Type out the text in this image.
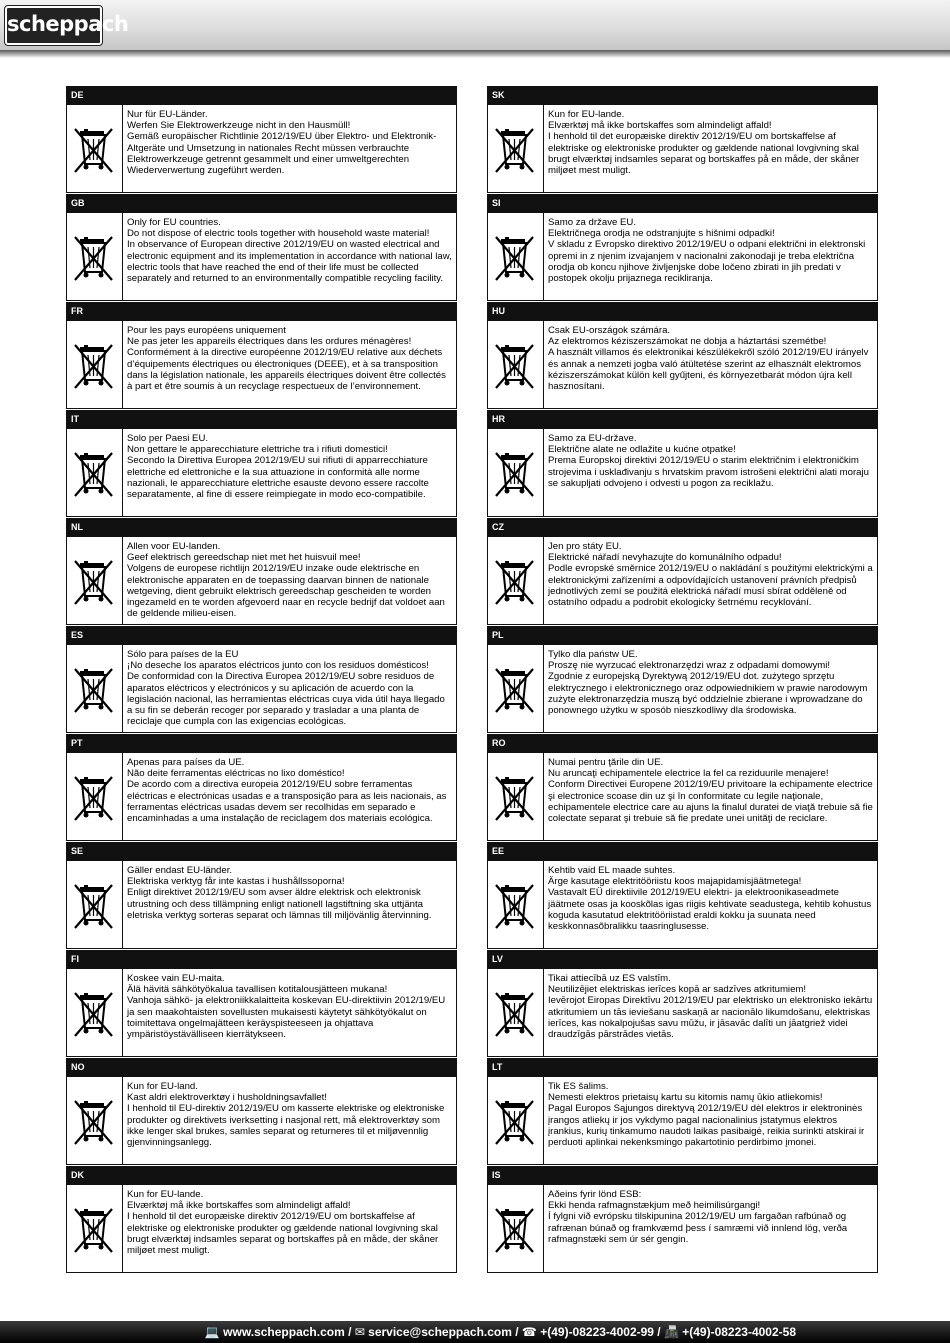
scheppach
DE
Nur für EU-Länder.
Werfen Sie Elektrowerkzeuge nicht in den Hausmüll!
Gemäß europäischer Richtlinie 2012/19/EU über Elektro- und Elektronik-Altgeräte und Umsetzung in nationales Recht müssen verbrauchte Elektrowerkzeuge getrennt gesammelt und einer umweltgerechten Wiederverwertung zugeführt werden.
GB
Only for EU countries.
Do not dispose of electric tools together with household waste material!
In observance of European directive 2012/19/EU on wasted electrical and electronic equipment and its implementation in accordance with national law, electric tools that have reached the end of their life must be collected separately and returned to an environmentally compatible recycling facility.
FR
Pour les pays européens uniquement
Ne pas jeter les appareils électriques dans les ordures ménagères!
Conformément à la directive européenne 2012/19/EU relative aux déchets d’équipements électriques ou électroniques (DEEE), et à sa transposition dans la législation nationale, les appareils électriques doivent être collectés à part et être soumis à un recyclage respectueux de l’environnement.
IT
Solo per Paesi EU.
Non gettare le apparecchiature elettriche tra i rifiuti domestici!
Secondo la Direttiva Europea 2012/19/EU sui rifiuti di apparrecchiature elettriche ed elettroniche e la sua attuazione in conformità alle norme nazionali, le apparecchiature elettriche esauste devono essere raccolte separatamente, al fine di essere reimpiegate in modo eco-compatibile.
NL
Allen voor EU-landen.
Geef elektrisch gereedschap niet met het huisvuil mee!
Volgens de europese richtlijn 2012/19/EU inzake oude elektrische en elektronische apparaten en de toepassing daarvan binnen de nationale wetgeving, dient gebruikt elektrisch gereedschap gescheiden te worden ingezameld en te worden afgevoerd naar en recycle bedrijf dat voldoet aan de geldende milieu-eisen.
ES
Sólo para países de la EU
¡No deseche los aparatos eléctricos junto con los residuos domésticos!
De conformidad con la Directiva Europea 2012/19/EU sobre residuos de aparatos eléctricos y electrónicos y su aplicación de acuerdo con la legislación nacional, las herramientas eléctricas cuya vida útil haya llegado a su fin se deberán recoger por separado y trasladar a una planta de reciclaje que cumpla con las exigencias ecológicas.
PT
Apenas para países da UE.
Não deite ferramentas eléctricas no lixo doméstico!
De acordo com a directiva europeia 2012/19/EU sobre ferramentas eléctricas e electrónicas usadas e a transposição para as leis nacionais, as ferramentas eléctricas usadas devem ser recolhidas em separado e encaminhadas a uma instalação de reciclagem dos materiais ecológica.
SE
Gäller endast EU-länder.
Elektriska verktyg får inte kastas i hushållssoporna!
Enligt direktivet 2012/19/EU som avser äldre elektrisk och elektronisk utrustning och dess tillämpning enligt nationell lagstiftning ska uttjänta eletriska verktyg sorteras separat och lämnas till miljövänlig återvinning.
FI
Koskee vain EU-maita.
Älä hävitä sähkötyökalua tavallisen kotitalousjätteen mukana!
Vanhoja sähkö- ja elektroniikkalaitteita koskevan EU-direktiivin 2012/19/EU ja sen maakohtaisten sovellusten mukaisesti käytetyt sähkötyökalut on toimitettava ongelmajätteen keräyspisteeseen ja ohjattava ympäristöystävälliseen kierrätykseen.
NO
Kun for EU-land.
Kast aldri elektroverktøy i husholdningsavfallet!
I henhold til EU-direktiv 2012/19/EU om kasserte elektriske og elektroniske produkter og direktivets iverksetting i nasjonal rett, må elektroverktøy som ikke lenger skal brukes, samles separat og returneres til et miljøvennlig gjenvinningsanlegg.
DK
Kun for EU-lande.
Elværktøj må ikke bortskaffes som almindeligt affald!
I henhold til det europæiske direktiv 2012/19/EU om bortskaffelse af elektriske og elektroniske produkter og gældende national lovgivning skal brugt elværktøj indsamles separat og bortskaffes på en måde, der skåner miljøet mest muligt.
SK
Kun for EU-lande.
Elværktøj må ikke bortskaffes som almindeligt affald!
I henhold til det europæiske direktiv 2012/19/EU om bortskaffelse af elektriske og elektroniske produkter og gældende national lovgivning skal brugt elværktøj indsamles separat og bortskaffes på en måde, der skåner miljøet mest muligt.
SI
Samo za države EU.
Električnega orodja ne odstranjujte s hišnimi odpadki!
V skladu z Evropsko direktivo 2012/19/EU o odpani električni in elektronski opremi in z njenim izvajanjem v nacionalni zakonodaji je treba električna orodja ob koncu njihove življenjske dobe ločeno zbirati in jih predati v postopek okolju prijaznega recikliranja.
HU
Csak EU-országok számára.
Az elektromos kéziszerszámokat ne dobja a háztartási szemétbe!
A használt villamos és elektronikai készülékekről szóló 2012/19/EU irányelv és annak a nemzeti jogba való átültetése szerint az elhasznált elektromos kéziszerszámokat külön kell gyűjteni, és környezetbarát módon újra kell hasznosítani.
HR
Samo za EU-države.
Električne alate ne odlažite u kućne otpatke!
Prema Europskoj direktivi 2012/19/EU o starim električnim i elektroničkim strojevima i usklađivanju s hrvatskim pravom istrošeni električni alati moraju se sakupljati odvojeno i odvesti u pogon za reciklažu.
CZ
Jen pro státy EU.
Elektrické nářadí nevyhazujte do komunálního odpadu!
Podle evropské směrnice 2012/19/EU o nakládání s použitými elektrickými a elektronickými zařízeními a odpovídajících ustanovení právních předpisů jednotlivých zemí se použitá elektrická nářadí musí sbírat odděleně od ostatního odpadu a podrobit ekologicky šetrnému recyklování.
PL
Tylko dla państw UE.
Proszę nie wyrzucać elektronarzędzi wraz z odpadami domowymi!
Zgodnie z europejską Dyrektywą 2012/19/EU dot. zużytego sprzętu elektrycznego i elektronicznego oraz odpowiednikiem w prawie narodowym zużyte elektronarzędzia muszą być oddzielnie zbierane i wprowadzane do ponownego użytku w sposób nieszkodliwy dla środowiska.
RO
Numai pentru ţările din UE.
Nu aruncaţi echipamentele electrice la fel ca reziduurile menajere!
Conform Directivei Europene 2012/19/EU privitoare la echipamente electrice şi electronice scoase din uz şi în conformitate cu legile naţionale, echipamentele electrice care au ajuns la finalul duratei de viaţă trebuie să fie colectate separat şi trebuie să fie predate unei unităţi de reciclare.
EE
Kehtib vaid EL maade suhtes.
Ärge kasutage elektritööriistu koos majapidamisjäätmetega!
Vastavalt EÜ direktiivile 2012/19/EU elektri- ja elektroonikaseadmete jäätmete osas ja kooskõlas igas riigis kehtivate seadustega, kehtib kohustus koguda kasutatud elektritööriistad eraldi kokku ja suunata need keskkonnasõbralikku taasringlusesse.
LV
Tikai attiecībā uz ES valstīm.
Neutilizējiet elektriskas ierīces kopā ar sadzīves atkritumiem!
Ievērojot Eiropas Direktīvu 2012/19/EU par elektrisko un elektronisko iekārtu atkritumiem un tās ieviešanu saskaņā ar nacionālo likumdošanu, elektriskas ierīces, kas nokalpojušas savu mūžu, ir jāsavāc dalīti un jāatgriež videi draudzīgās pārstrādes vietās.
LT
Tik ES šalims.
Nemesti elektros prietaisų kartu su kitomis namų ūkio atliekomis!
Pagal Europos Sąjungos direktyvą 2012/19/EU dėl elektros ir elektroninės įrangos atliekų ir jos vykdymo pagal nacionalinius įstatymus elektros įrankius, kurių tinkamumo naudoti laikas pasibaigė, reikia surinkti atskirai ir perduoti aplinkai nekenksmingo pakartotinio perdirbimo įmonei.
IS
Aðeins fyrir lönd ESB:
Ekki henda rafmagnstækjum með heimilisúrgangi!
Í fylgni við evrópsku tilskipunina 2012/19/EU um fargaðan rafbúnað og rafrænan búnað og framkvæmd þess í samræmi við innlend lög, verða rafmagnstæki sem úr sér gengin.
💻 www.scheppach.com / ✉ service@scheppach.com / ☎ +(49)-08223-4002-99 / 📠 +(49)-08223-4002-58
